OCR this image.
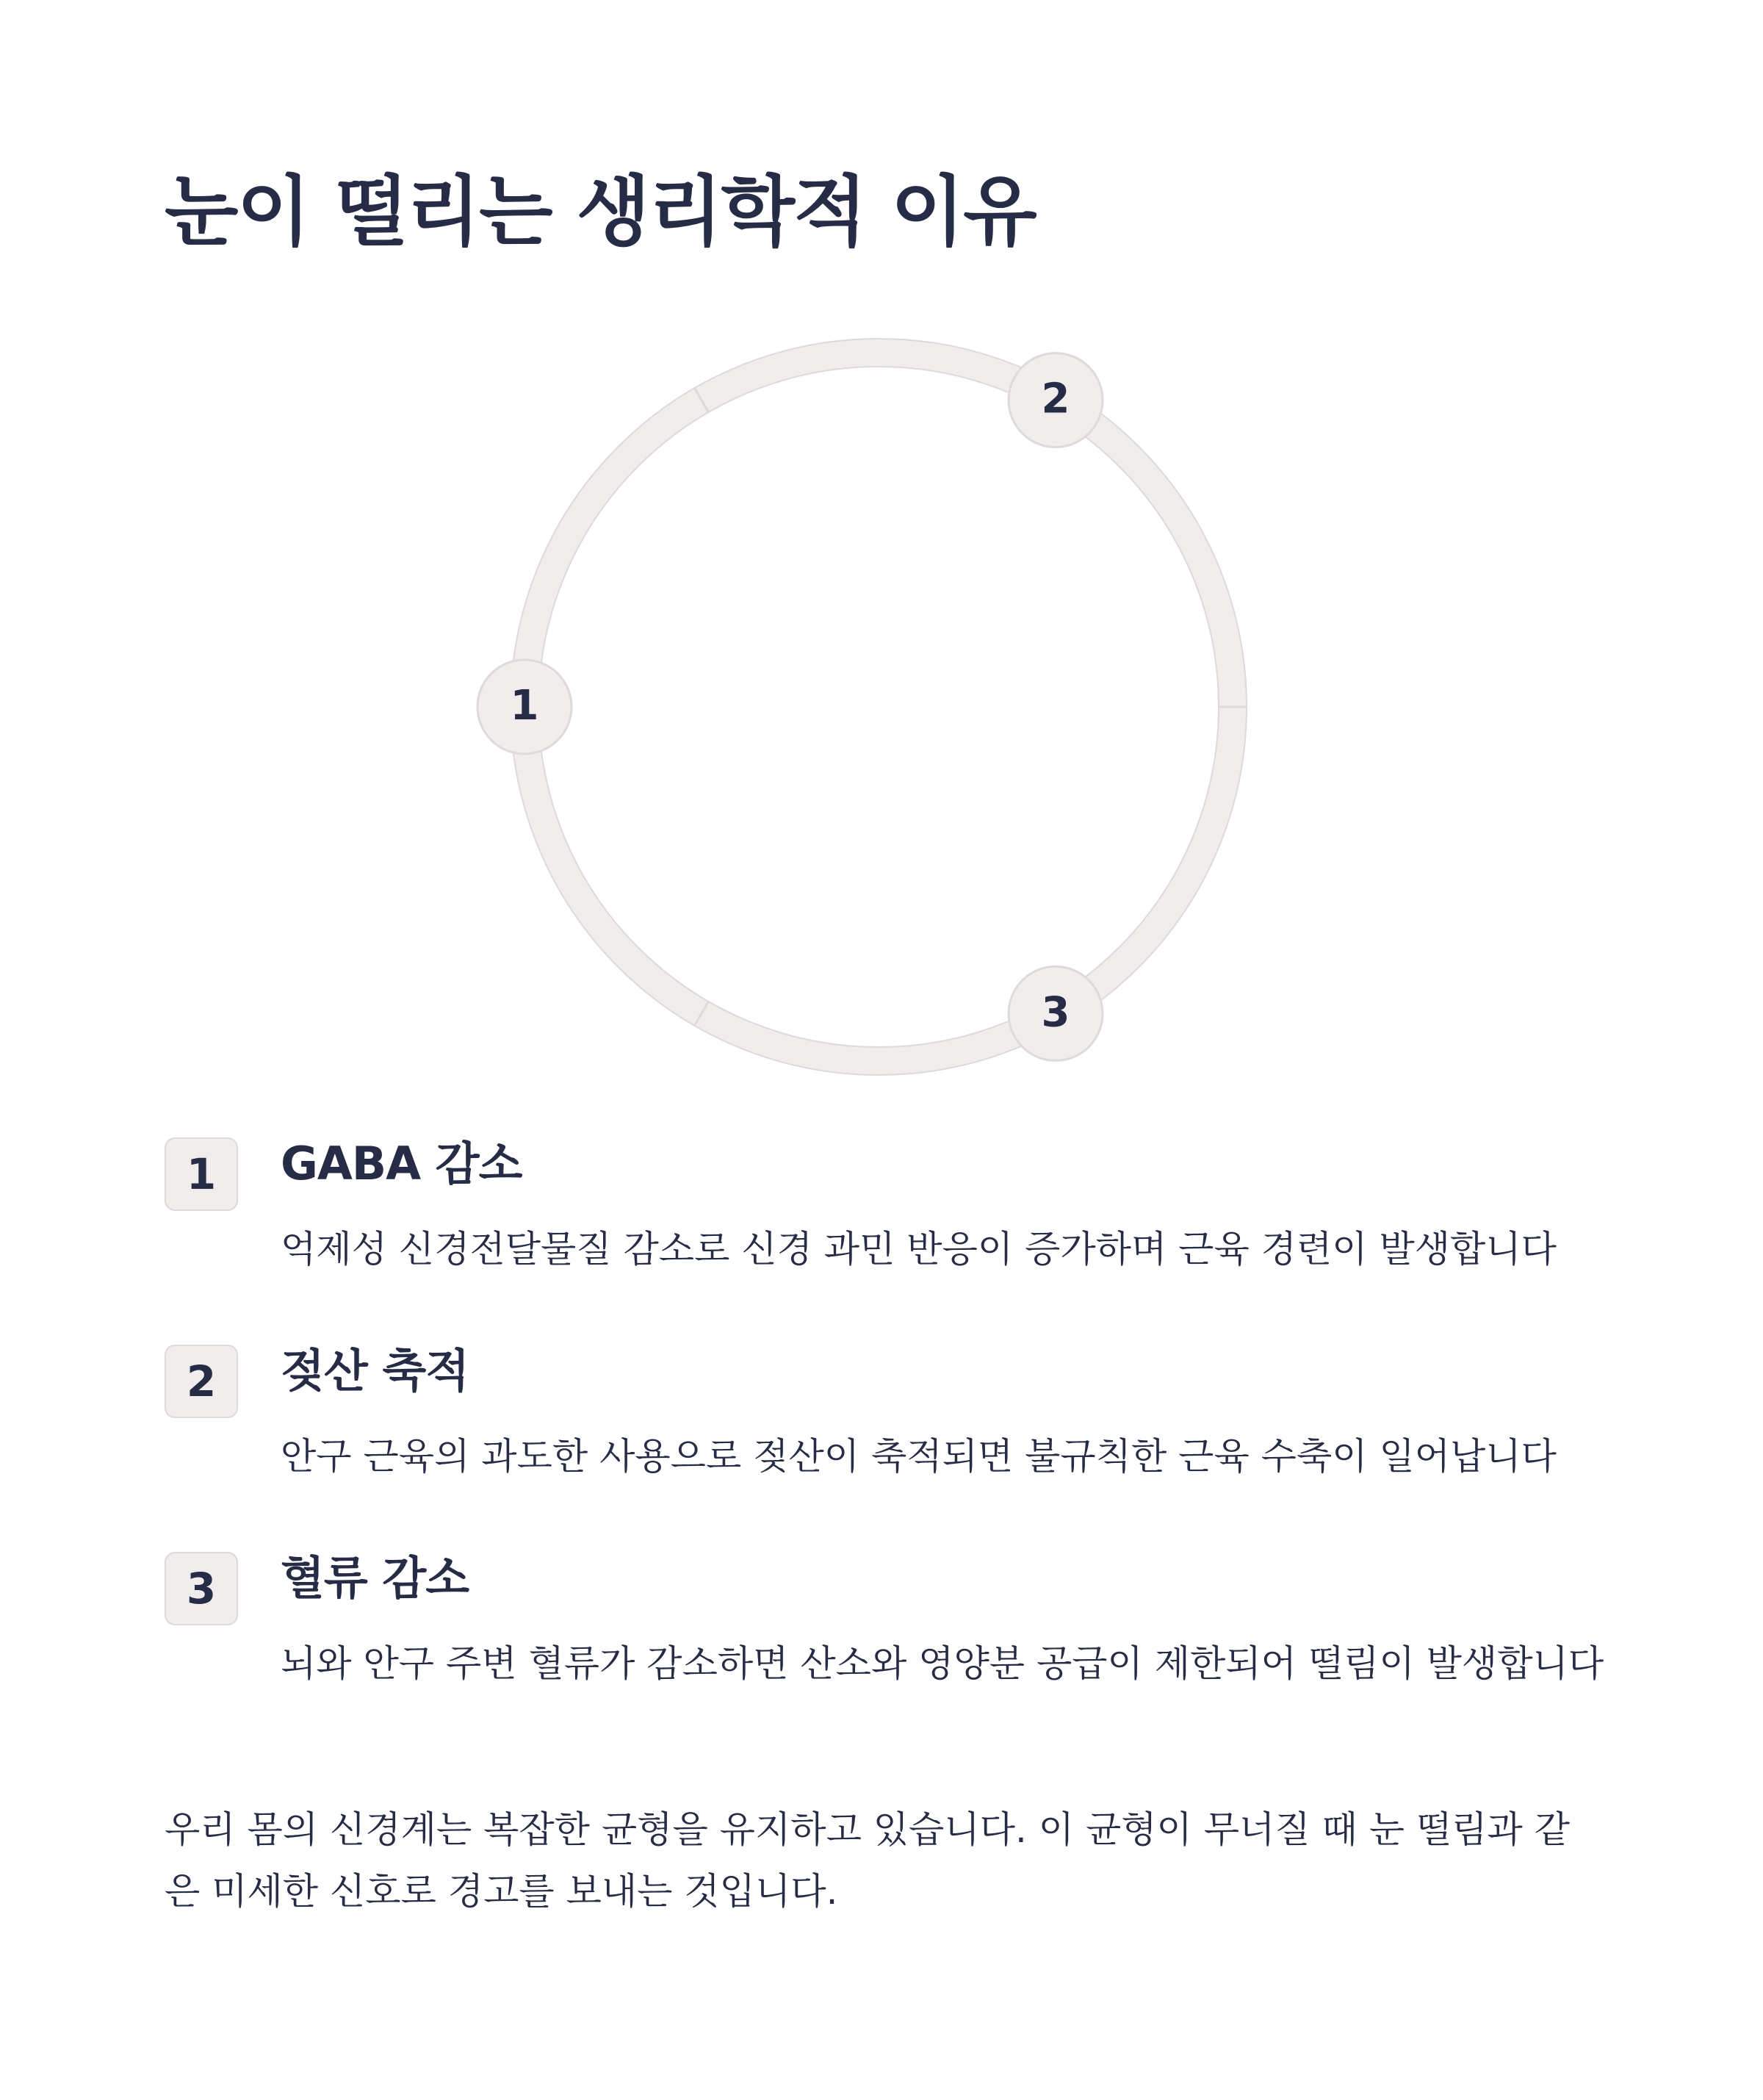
눈이 떨리는 생리학적 이유
1
2
3
1	GABA 감소

억제성 신경전달물질 감소로 신경 과민 반응이 증가하며 근육 경련이 발생합니다

2	젖산 축적

안구 근육의 과도한 사용으로 젖산이 축적되면 불규칙한 근육 수축이 일어납니다

3	혈류 감소

뇌와 안구 주변 혈류가 감소하면 산소와 영양분 공급이 제한되어 떨림이 발생합니다

우리 몸의 신경계는 복잡한 균형을 유지하고 있습니다. 이 균형이 무너질 때 눈 떨림과 같은 미세한 신호로 경고를 보내는 것입니다.
